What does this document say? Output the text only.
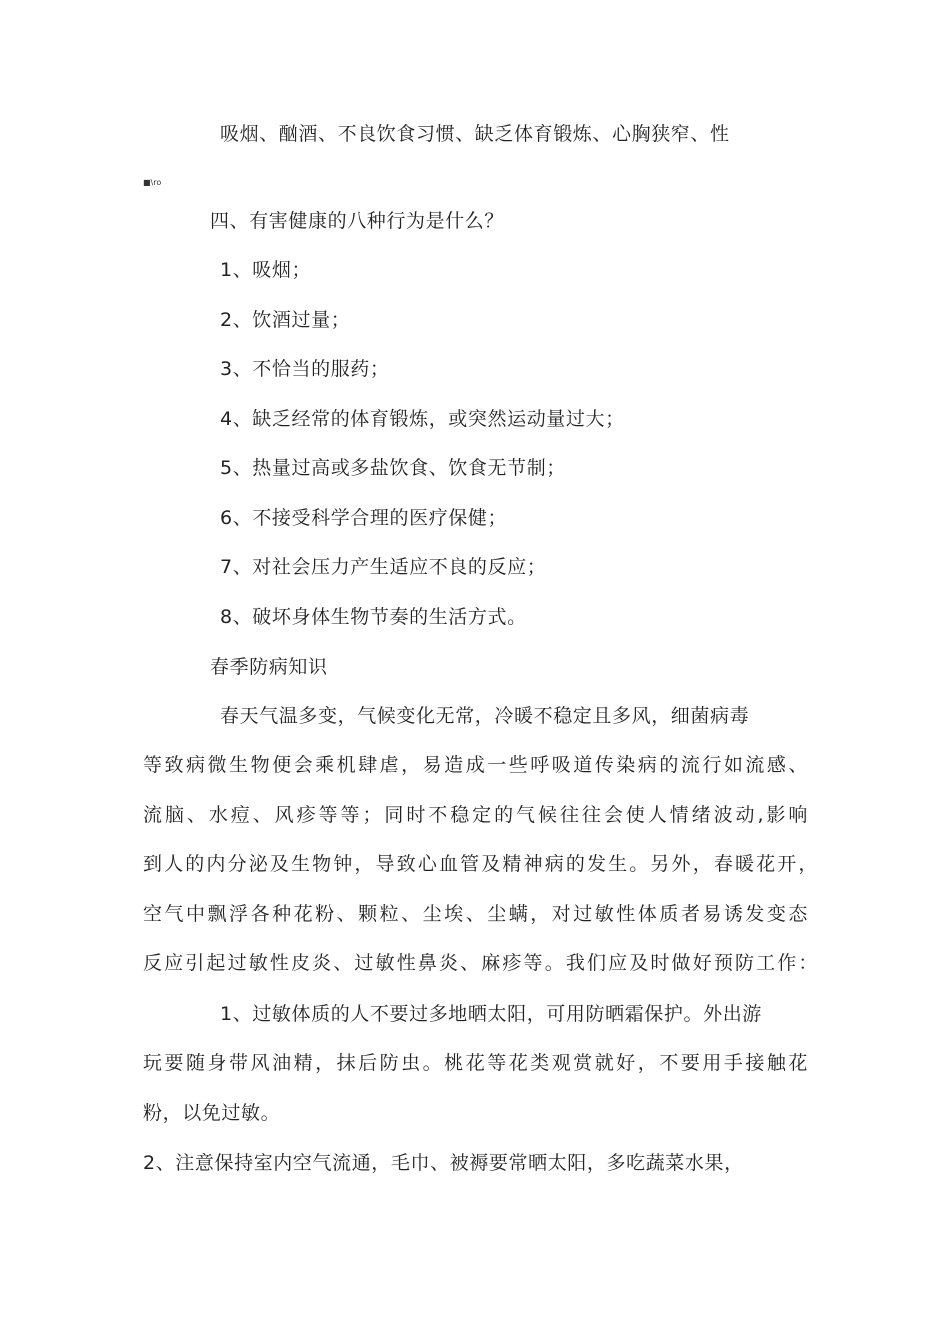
吸烟、酗酒、不良饮食习惯、缺乏体育锻炼、心胸狭窄、性
■\ro
四、有害健康的八种行为是什么？
1、吸烟；
2、饮酒过量；
3、不恰当的服药；
4、缺乏经常的体育锻炼，或突然运动量过大；
5、热量过高或多盐饮食、饮食无节制；
6、不接受科学合理的医疗保健；
7、对社会压力产生适应不良的反应；
8、破坏身体生物节奏的生活方式。
春季防病知识
春天气温多变，气候变化无常，冷暖不稳定且多风，细菌病毒
等致病微生物便会乘机肆虐，易造成一些呼吸道传染病的流行如流感、
流脑、水痘、风疹等等；同时不稳定的气候往往会使人情绪波动,影响
到人的内分泌及生物钟，导致心血管及精神病的发生。另外，春暖花开，
空气中飘浮各种花粉、颗粒、尘埃、尘螨，对过敏性体质者易诱发变态
反应引起过敏性皮炎、过敏性鼻炎、麻疹等。我们应及时做好预防工作：
1、过敏体质的人不要过多地晒太阳，可用防晒霜保护。外出游
玩要随身带风油精，抹后防虫。桃花等花类观赏就好，不要用手接触花
粉，以免过敏。
2、注意保持室内空气流通，毛巾、被褥要常晒太阳，多吃蔬菜水果，
